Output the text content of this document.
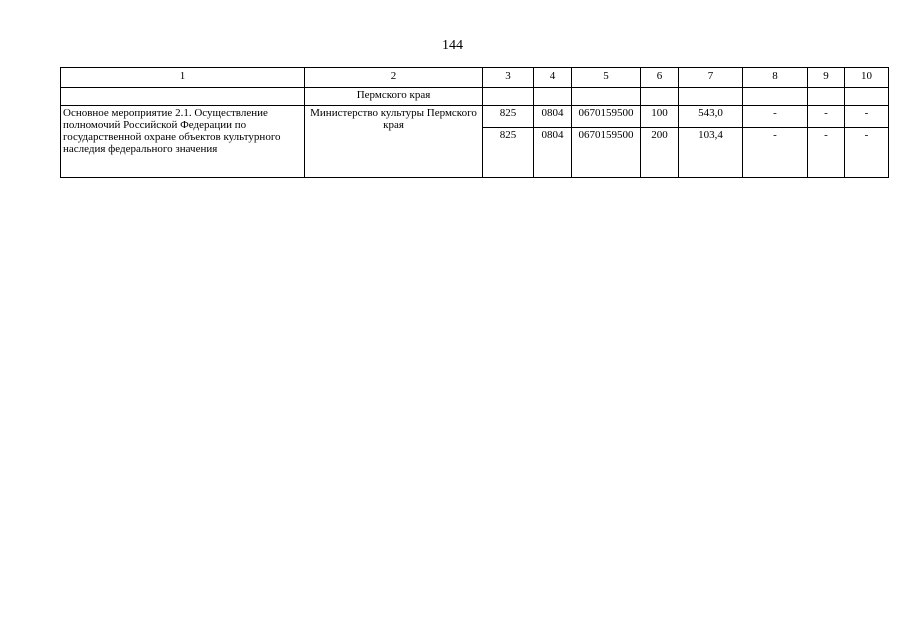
144
1	2	3	4	5	6	7	8	9	10
	Пермского края								
Основное мероприятие 2.1. Осуществление полномочий Российской Федерации по государственной охране объектов культурного наследия федерального значения	Министерство культуры Пермского края	825	0804	0670159500	100	543,0	-	-	-
		825	0804	0670159500	200	103,4	-	-	-
